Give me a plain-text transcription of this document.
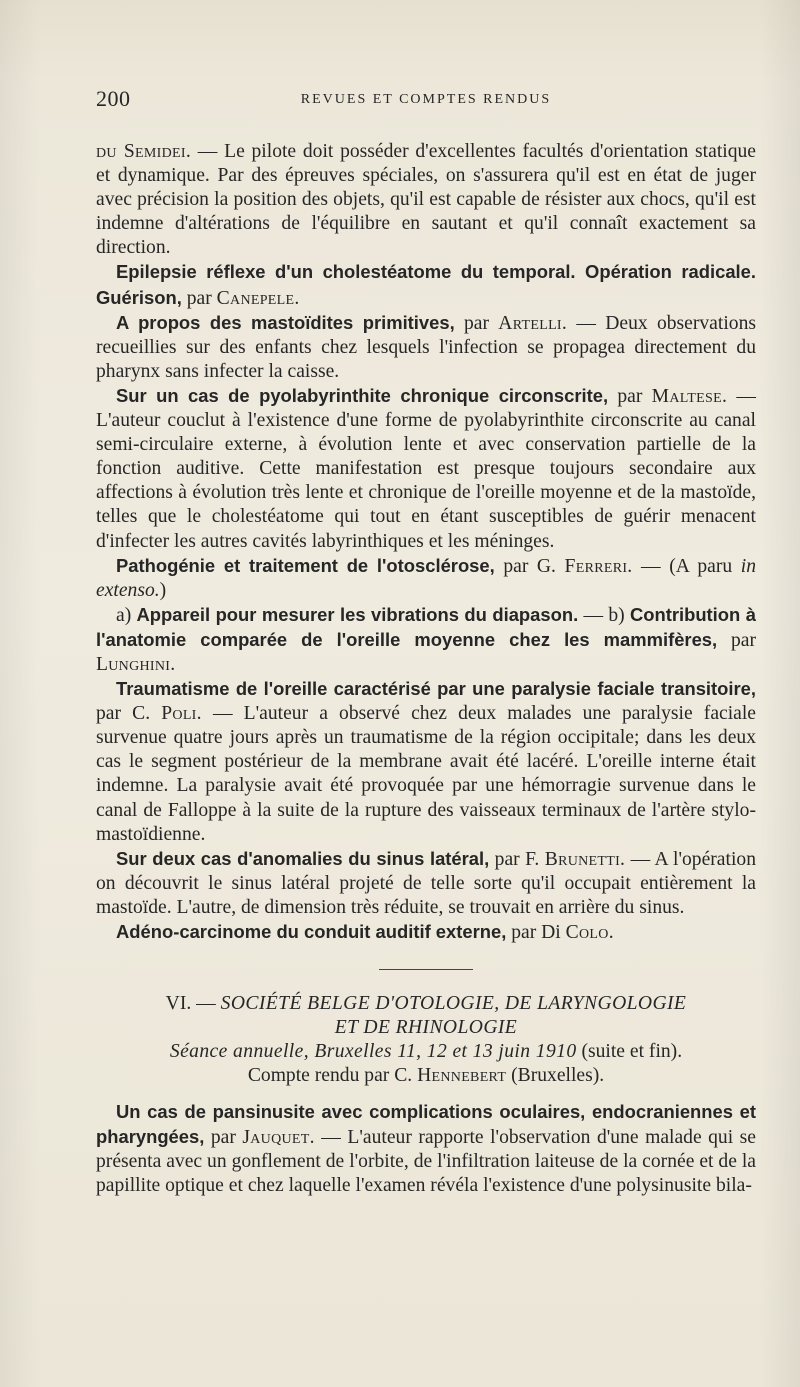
200	REVUES ET COMPTES RENDUS

du Semidei. — Le pilote doit posséder d'excellentes facultés d'orientation statique et dynamique. Par des épreuves spéciales, on s'assurera qu'il est en état de juger avec précision la position des objets, qu'il est capable de résister aux chocs, qu'il est indemne d'altérations de l'équilibre en sautant et qu'il connaît exactement sa direction.

Epilepsie réflexe d'un cholestéatome du temporal. Opération radicale. Guérison, par Canepele.

A propos des mastoïdites primitives, par Artelli. — Deux observations recueillies sur des enfants chez lesquels l'infection se propagea directement du pharynx sans infecter la caisse.

Sur un cas de pyolabyrinthite chronique circonscrite, par Maltese. — L'auteur couclut à l'existence d'une forme de pyolabyrinthite circonscrite au canal semi-circulaire externe, à évolution lente et avec conservation partielle de la fonction auditive. Cette manifestation est presque toujours secondaire aux affections à évolution très lente et chronique de l'oreille moyenne et de la mastoïde, telles que le cholestéatome qui tout en étant susceptibles de guérir menacent d'infecter les autres cavités labyrinthiques et les méninges.

Pathogénie et traitement de l'otosclérose, par G. Ferreri. — (A paru in extenso.)

a) Appareil pour mesurer les vibrations du diapason. — b) Contribution à l'anatomie comparée de l'oreille moyenne chez les mammifères, par Lunghini.

Traumatisme de l'oreille caractérisé par une paralysie faciale transitoire, par C. Poli. — L'auteur a observé chez deux malades une paralysie faciale survenue quatre jours après un traumatisme de la région occipitale; dans les deux cas le segment postérieur de la membrane avait été lacéré. L'oreille interne était indemne. La paralysie avait été provoquée par une hémorragie survenue dans le canal de Falloppe à la suite de la rupture des vaisseaux terminaux de l'artère stylo-mastoïdienne.

Sur deux cas d'anomalies du sinus latéral, par F. Brunetti. — A l'opération on découvrit le sinus latéral projeté de telle sorte qu'il occupait entièrement la mastoïde. L'autre, de dimension très réduite, se trouvait en arrière du sinus.

Adéno-carcinome du conduit auditif externe, par Di Colo.

VI. — SOCIÉTÉ BELGE D'OTOLOGIE, DE LARYNGOLOGIE
ET DE RHINOLOGIE
Séance annuelle, Bruxelles 11, 12 et 13 juin 1910 (suite et fin).
Compte rendu par C. Hennebert (Bruxelles).

Un cas de pansinusite avec complications oculaires, endocraniennes et pharyngées, par Jauquet. — L'auteur rapporte l'observation d'une malade qui se présenta avec un gonflement de l'orbite, de l'infiltration laiteuse de la cornée et de la papillite optique et chez laquelle l'examen révéla l'existence d'une polysinusite bila-
